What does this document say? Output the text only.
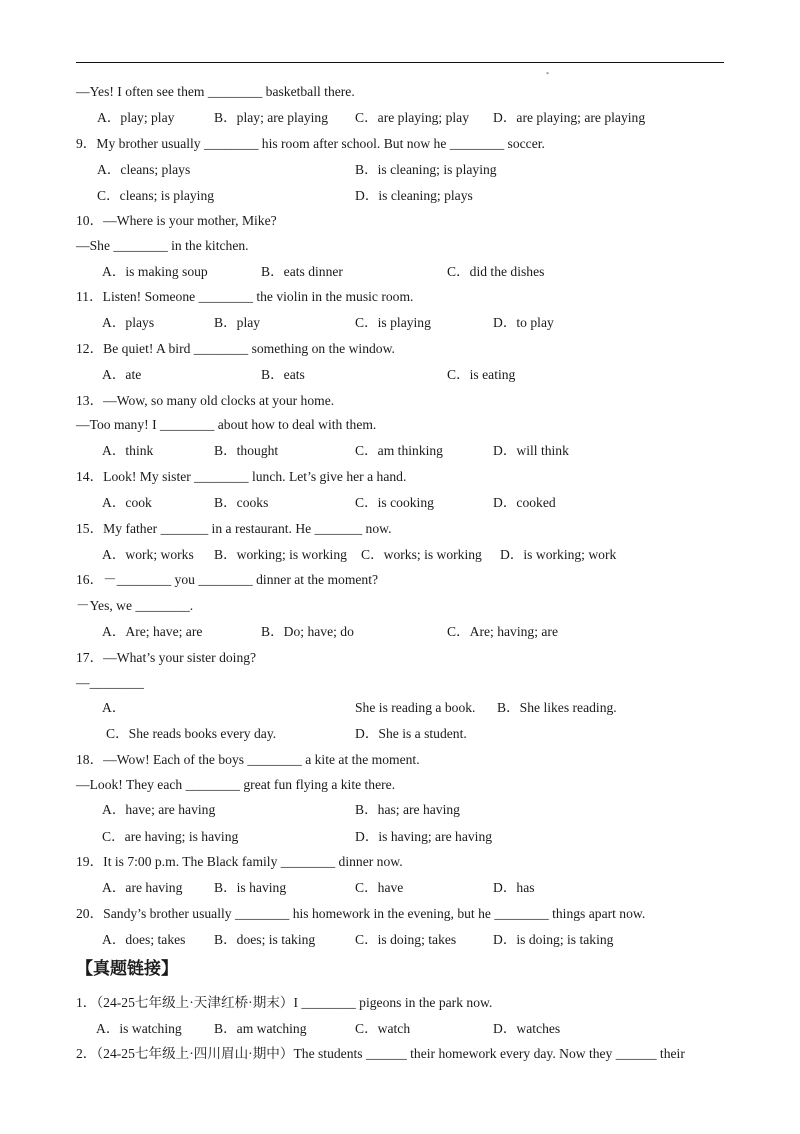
*
—Yes! I often see them ________ basketball there.
A．play; play	B．play; are playing C．are playing; play D．are playing; are playing
9．My brother usually ________ his room after school. But now he ________ soccer.
A．cleans; plays	B．is cleaning; is playing
C．cleans; is playing	D．is cleaning; plays
10．—Where is your mother, Mike?
—She ________ in the kitchen.
A．is making soup	B．eats dinner	C．did the dishes
11．Listen! Someone ________ the violin in the music room.
A．plays	B．play	C．is playing	D．to play
12．Be quiet! A bird ________ something on the window.
A．ate	B．eats	C．is eating
13．—Wow, so many old clocks at your home.
—Too many! I ________ about how to deal with them.
A．think	B．thought	C．am thinking	D．will think
14．Look! My sister ________ lunch. Let’s give her a hand.
A．cook	B．cooks	C．is cooking	D．cooked
15．My father _______ in a restaurant. He _______ now.
A．work; works B．working; is working C．works; is working D．is working; work
16．－________ you ________ dinner at the moment?
－Yes, we ________.
A．Are; have; are	B．Do; have; do	C．Are; having; are
17．—What’s your sister doing?
—________
A．	She is reading a book. B．She likes reading.
C．She reads books every day.	D．She is a student.
18．—Wow! Each of the boys ________ a kite at the moment.
—Look! They each ________ great fun flying a kite there.
A．have; are having	B．has; are having
C．are having; is having	D．is having; are having
19．It is 7:00 p.m. The Black family ________ dinner now.
A．are having B．is having	C．have	D．has
20．Sandy’s brother usually ________ his homework in the evening, but he ________ things apart now.
A．does; takes B．does; is taking	C．is doing; takes	D．is doing; is taking
【真题链接】
1．（24-25七年级上·天津红桥·期末）I ________ pigeons in the park now.
A．is watching B．am watching	C．watch	D．watches
2．（24-25七年级上·四川眉山·期中）The students ______ their homework every day. Now they ______ their
